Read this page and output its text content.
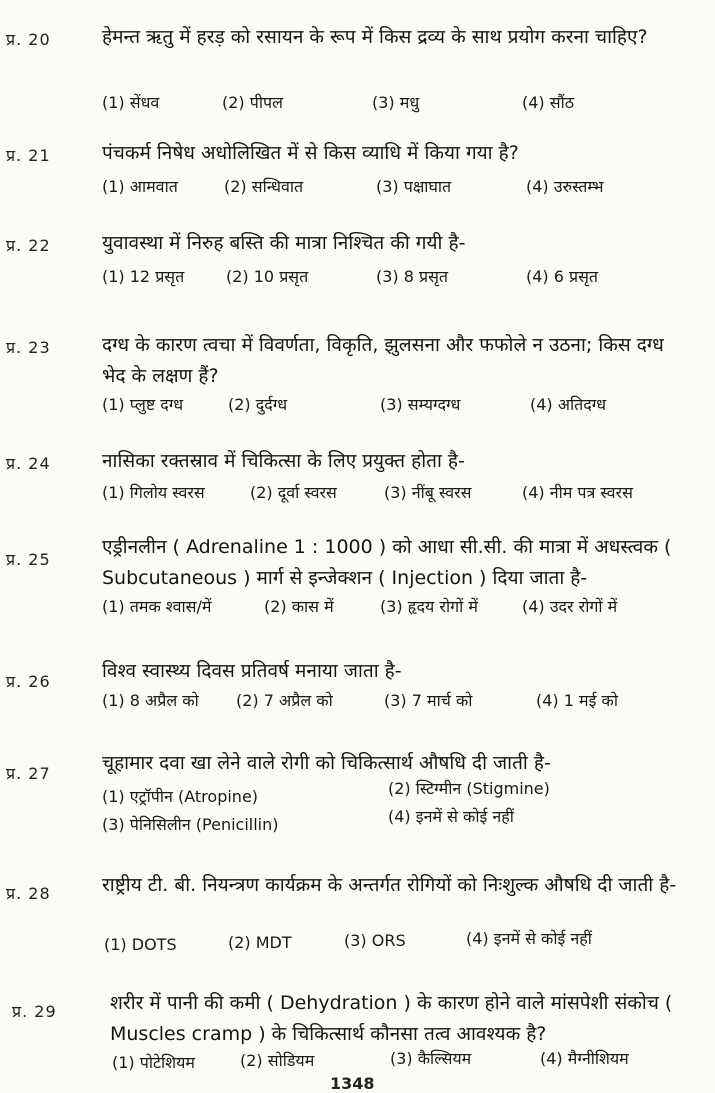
प्र. 20	हेमन्त ऋतु में हरड़ को रसायन के रूप में किस द्रव्य के साथ प्रयोग करना चाहिए?
(1) सेंधव	(2) पीपल	(3) मधु	(4) सौंठ
प्र. 21	पंचकर्म निषेध अधोलिखित में से किस व्याधि में किया गया है?
(1) आमवात	(2) सन्धिवात	(3) पक्षाघात	(4) उरुस्तम्भ
प्र. 22	युवावस्था में निरुह बस्ति की मात्रा निश्चित की गयी है-
(1) 12 प्रसृत	(2) 10 प्रसृत	(3) 8 प्रसृत	(4) 6 प्रसृत
प्र. 23	दग्ध के कारण त्वचा में विवर्णता, विकृति, झुलसना और फफोले न उठना; किस दग्ध भेद के लक्षण हैं?
(1) प्लुष्ट दग्ध	(2) दुर्दग्ध	(3) सम्यग्दग्ध	(4) अतिदग्ध
प्र. 24	नासिका रक्तस्राव में चिकित्सा के लिए प्रयुक्त होता है-
(1) गिलोय स्वरस	(2) दूर्वा स्वरस	(3) नींबू स्वरस	(4) नीम पत्र स्वरस
प्र. 25
एड्रीनलीन ( Adrenaline 1 : 1000 ) को आधा सी.सी. की मात्रा में अधस्त्वक ( Subcutaneous ) मार्ग से इन्जेक्शन ( Injection ) दिया जाता है-
(1) तमक श्वास/में	(2) कास में	(3) हृदय रोगों में	(4) उदर रोगों में
प्र. 26	विश्व स्वास्थ्य दिवस प्रतिवर्ष मनाया जाता है-
(1) 8 अप्रैल को (2) 7 अप्रैल को	(3) 7 मार्च को	(4) 1 मई को
प्र. 27	चूहामार दवा खा लेने वाले रोगी को चिकित्सार्थ औषधि दी जाती है-
(1) एट्रॉपीन (Atropine)	(2) स्टिग्मीन (Stigmine)
(3) पेनिसिलीन (Penicillin)	(4) इनमें से कोई नहीं
प्र. 28	राष्ट्रीय टी. बी. नियन्त्रण कार्यक्रम के अन्तर्गत रोगियों को निःशुल्क औषधि दी जाती है-
(1) DOTS	(2) MDT	(3) ORS	(4) इनमें से कोई नहीं
प्र. 29	शरीर में पानी की कमी ( Dehydration ) के कारण होने वाले मांसपेशी संकोच ( Muscles cramp ) के चिकित्सार्थ कौनसा तत्व आवश्यक है?
(1) पोटेशियम	(2) सोडियम	(3) कैल्सियम	(4) मैग्नीशियम
1348
